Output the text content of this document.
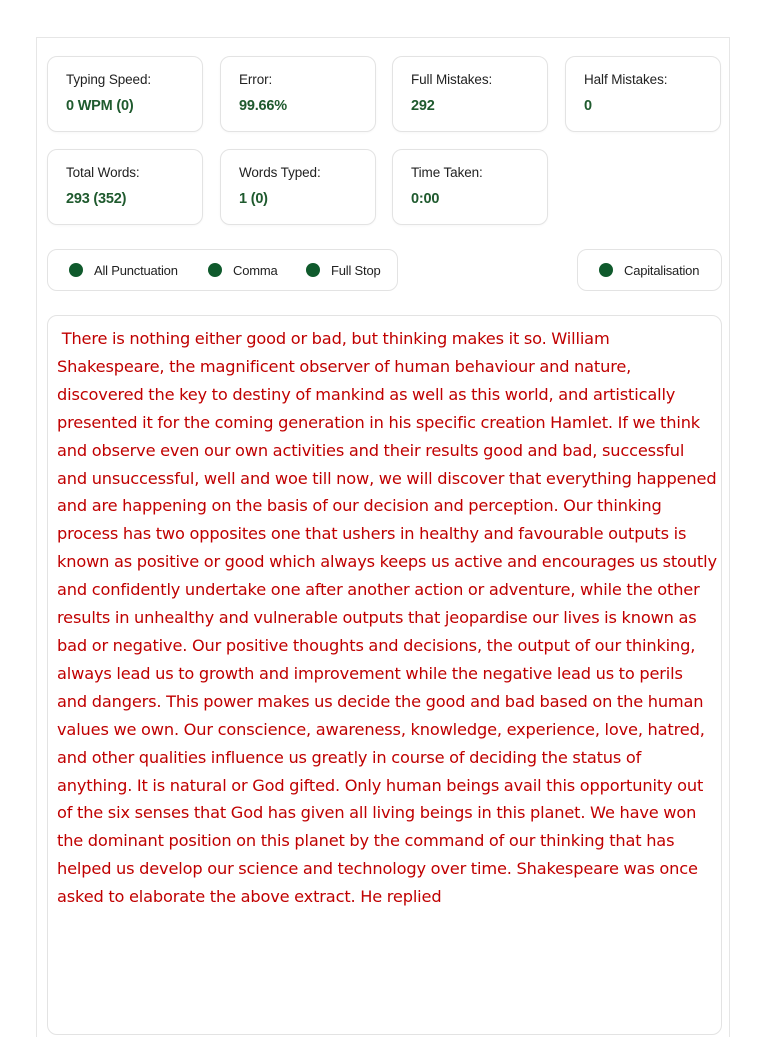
Typing Speed:
0 WPM (0)
Error:
99.66%
Full Mistakes:
292
Half Mistakes:
0
Total Words:
293 (352)
Words Typed:
1 (0)
Time Taken:
0:00
All Punctuation	Comma	Full Stop	Capitalisation

There is nothing either good or bad, but thinking makes it so. William Shakespeare, the magnificent observer of human behaviour and nature, discovered the key to destiny of mankind as well as this world, and artistically presented it for the coming generation in his specific creation Hamlet. If we think and observe even our own activities and their results good and bad, successful and unsuccessful, well and woe till now, we will discover that everything happened and are happening on the basis of our decision and perception. Our thinking process has two opposites one that ushers in healthy and favourable outputs is known as positive or good which always keeps us active and encourages us stoutly and confidently undertake one after another action or adventure, while the other results in unhealthy and vulnerable outputs that jeopardise our lives is known as bad or negative. Our positive thoughts and decisions, the output of our thinking, always lead us to growth and improvement while the negative lead us to perils and dangers. This power makes us decide the good and bad based on the human values we own. Our conscience, awareness, knowledge, experience, love, hatred, and other qualities influence us greatly in course of deciding the status of anything. It is natural or God gifted. Only human beings avail this opportunity out of the six senses that God has given all living beings in this planet. We have won the dominant position on this planet by the command of our thinking that has helped us develop our science and technology over time. Shakespeare was once asked to elaborate the above extract. He replied
